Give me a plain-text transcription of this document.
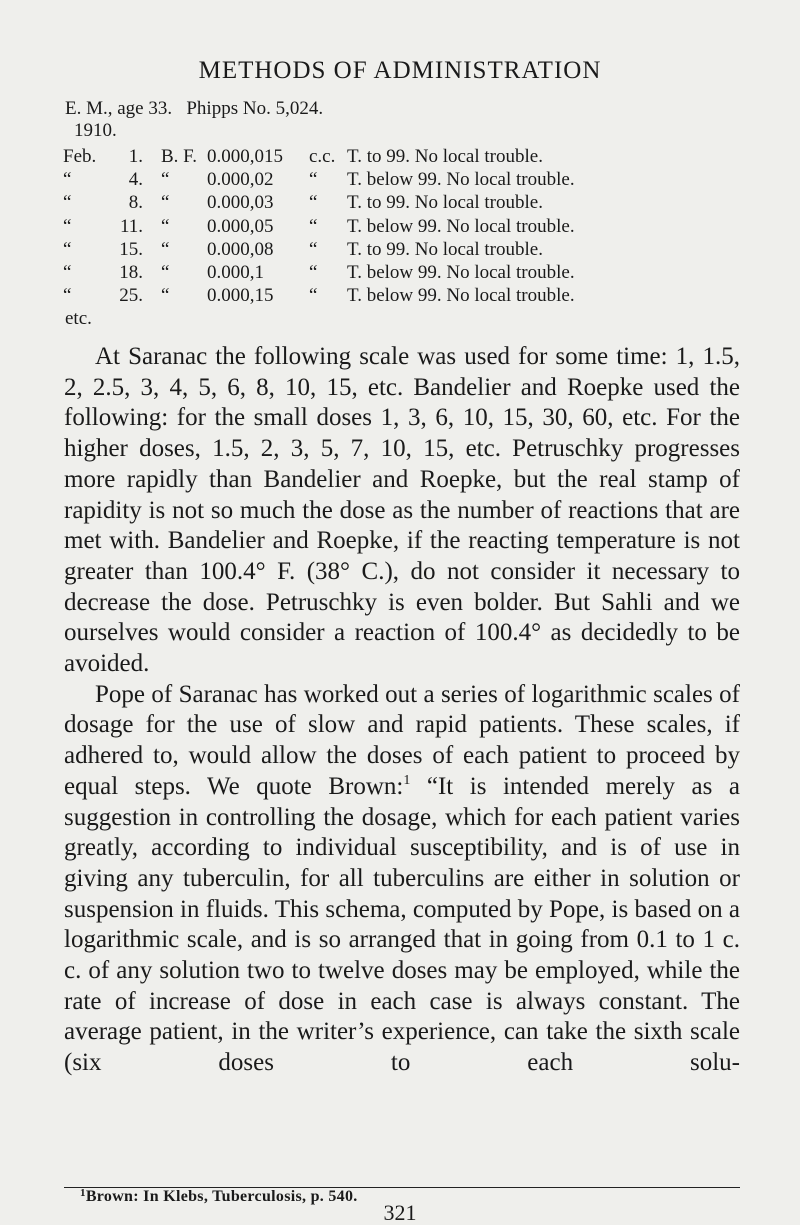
METHODS OF ADMINISTRATION
E. M., age 33.   Phipps No. 5,024.
1910.
Feb.	1.	B. F.	0.000,015	c.c.	T. to 99. No local trouble.
“	4.	“	0.000,02	“	T. below 99. No local trouble.
“	8.	“	0.000,03	“	T. to 99. No local trouble.
“	11.	“	0.000,05	“	T. below 99. No local trouble.
“	15.	“	0.000,08	“	T. to 99. No local trouble.
“	18.	“	0.000,1	“	T. below 99. No local trouble.
“	25.	“	0.000,15	“	T. below 99. No local trouble.
etc.

At Saranac the following scale was used for some time: 1, 1.5, 2, 2.5, 3, 4, 5, 6, 8, 10, 15, etc. Bandelier and Roepke used the following: for the small doses 1, 3, 6, 10, 15, 30, 60, etc. For the higher doses, 1.5, 2, 3, 5, 7, 10, 15, etc. Petruschky progresses more rapidly than Bandelier and Roepke, but the real stamp of rapidity is not so much the dose as the number of reactions that are met with. Bandelier and Roepke, if the reacting temperature is not greater than 100.4° F. (38° C.), do not consider it necessary to decrease the dose. Petruschky is even bolder. But Sahli and we ourselves would consider a reaction of 100.4° as decidedly to be avoided.

Pope of Saranac has worked out a series of logarithmic scales of dosage for the use of slow and rapid patients. These scales, if adhered to, would allow the doses of each patient to proceed by equal steps. We quote Brown:$^1$ “It is intended merely as a suggestion in controlling the dosage, which for each patient varies greatly, according to individual susceptibility, and is of use in giving any tuberculin, for all tuberculins are either in solution or suspension in fluids. This schema, computed by Pope, is based on a logarithmic scale, and is so arranged that in going from 0.1 to 1 c. c. of any solution two to twelve doses may be employed, while the rate of increase of dose in each case is always constant. The average patient, in the writer’s experience, can take the sixth scale (six doses to each solu-

$^1$Brown: In Klebs, Tuberculosis, p. 540.
321
